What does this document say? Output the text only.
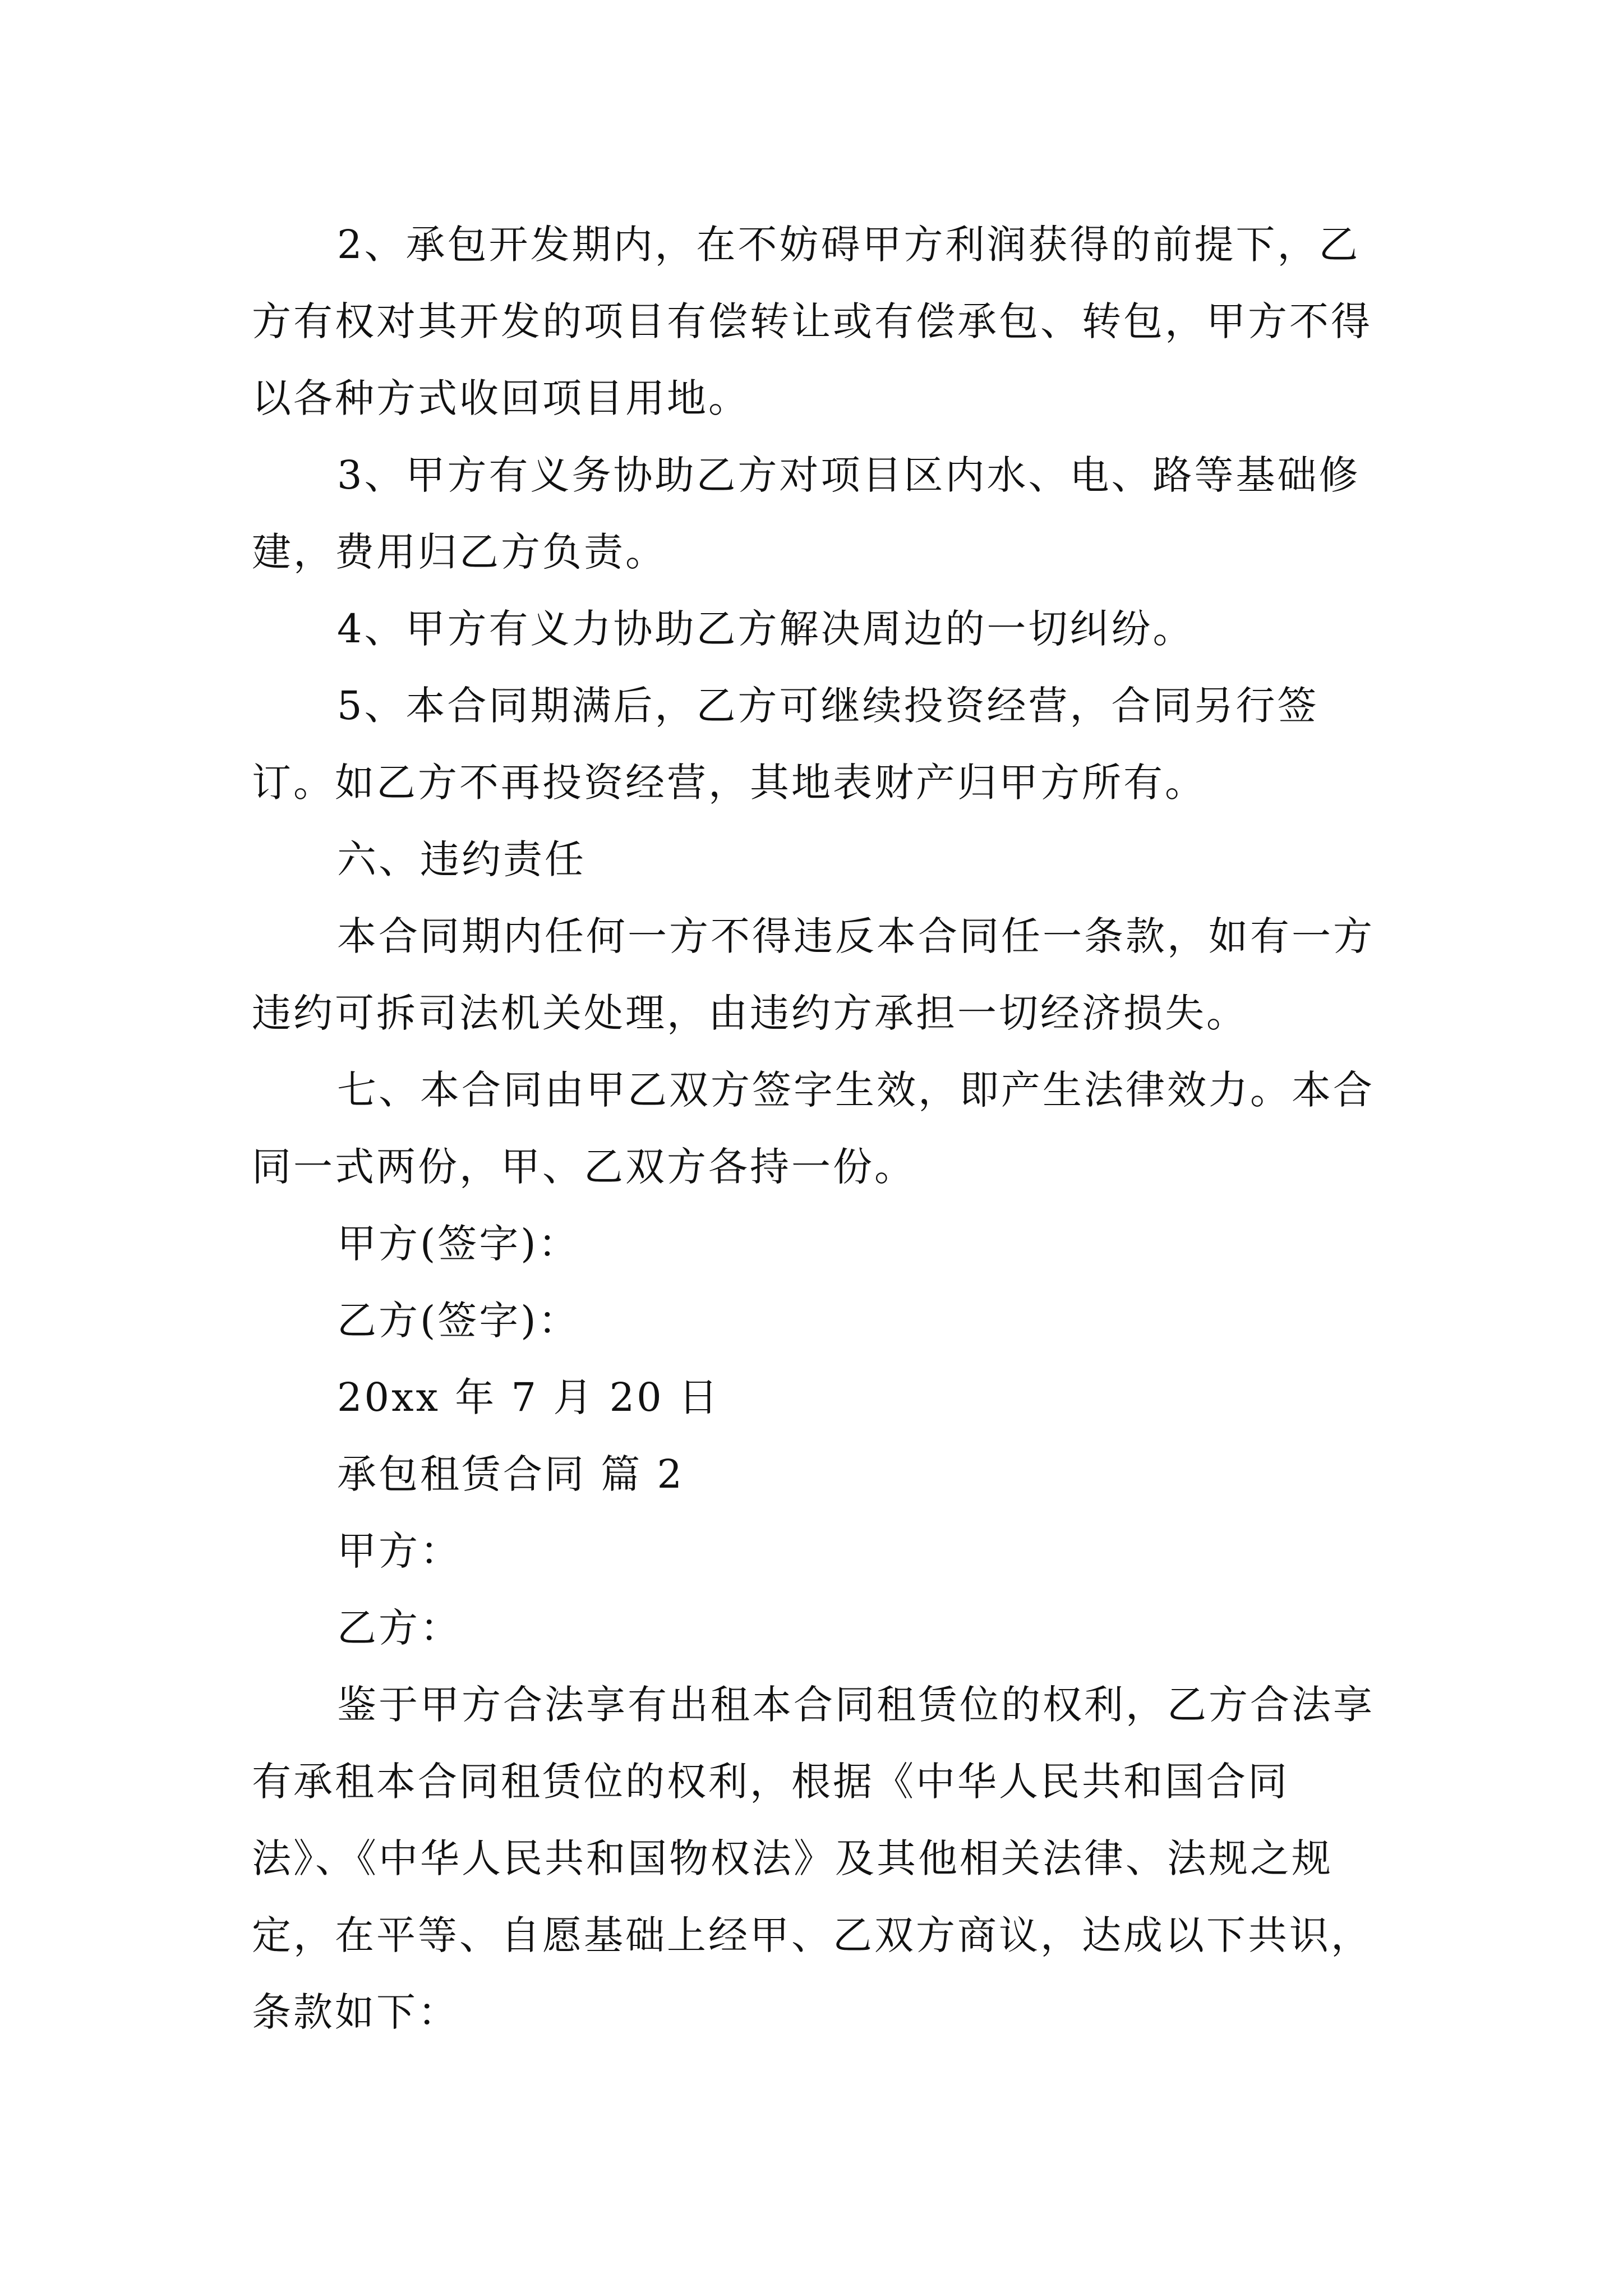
2、承包开发期内，在不妨碍甲方利润获得的前提下，乙方有权对其开发的项目有偿转让或有偿承包、转包，甲方不得以各种方式收回项目用地。

3、甲方有义务协助乙方对项目区内水、电、路等基础修建，费用归乙方负责。

4、甲方有义力协助乙方解决周边的一切纠纷。

5、本合同期满后，乙方可继续投资经营，合同另行签订。如乙方不再投资经营，其地表财产归甲方所有。

六、违约责任

本合同期内任何一方不得违反本合同任一条款，如有一方违约可拆司法机关处理，由违约方承担一切经济损失。

七、本合同由甲乙双方签字生效，即产生法律效力。本合同一式两份，甲、乙双方各持一份。

甲方(签字)：

乙方(签字)：

20xx 年 7 月 20 日

承包租赁合同 篇 2

甲方：

乙方：

鉴于甲方合法享有出租本合同租赁位的权利，乙方合法享有承租本合同租赁位的权利，根据《中华人民共和国合同法》、《中华人民共和国物权法》及其他相关法律、法规之规定，在平等、自愿基础上经甲、乙双方商议，达成以下共识，条款如下：
